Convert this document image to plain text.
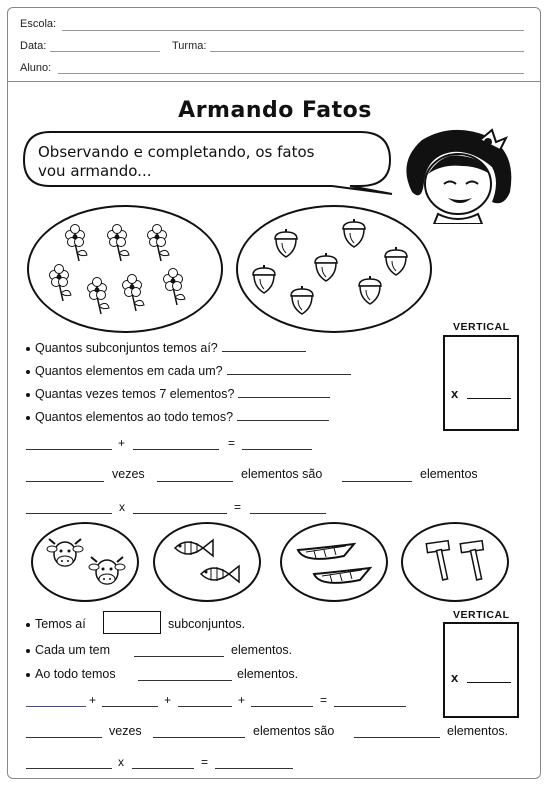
Escola:
Data:	Turma:
Aluno:
Armando Fatos
Observando e completando, os fatos
vou armando...
Quantos subconjuntos temos aí?
Quantos elementos em cada um?
Quantas vezes temos 7 elementos?
Quantos elementos ao todo temos?
VERTICAL
x
+	=
vezes	elementos são	elementos
x	=
Temos aí	subconjuntos.
Cada um tem	elementos.
Ao todo temos	elementos.
VERTICAL
x
+	+	+	=
vezes	elementos são	elementos.
x	=
